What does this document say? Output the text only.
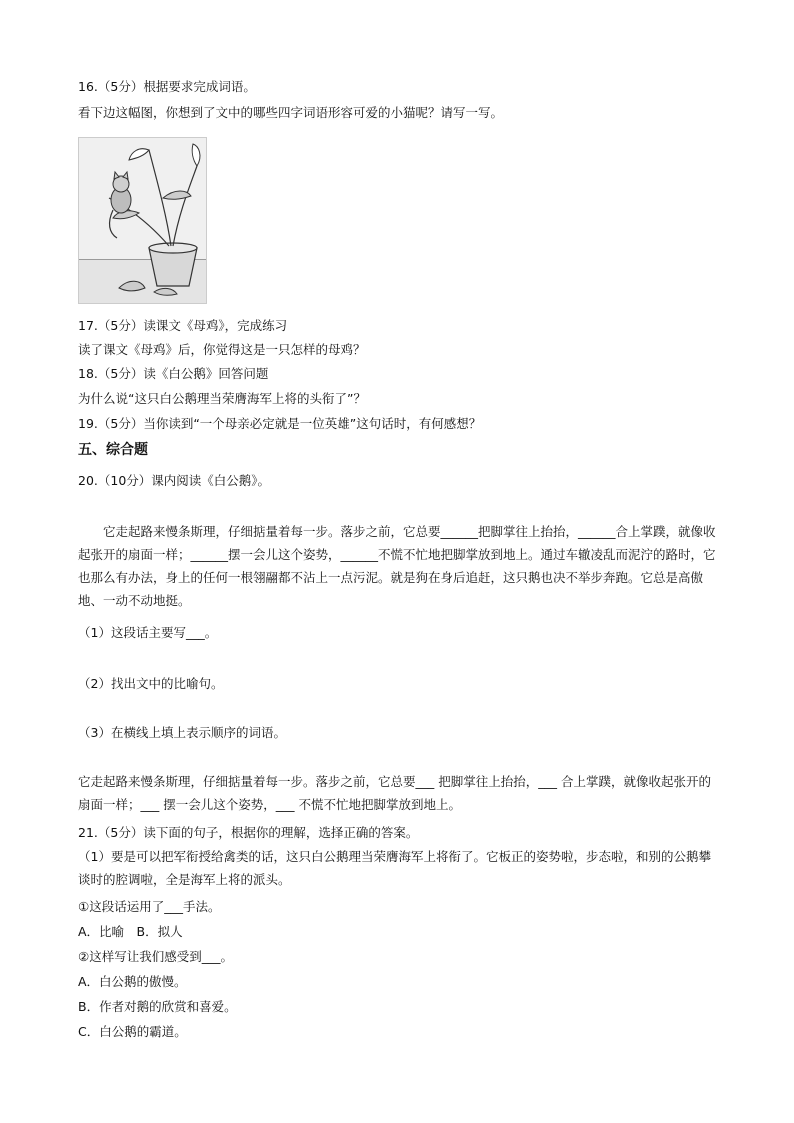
16.（5分）根据要求完成词语。
看下边这幅图，你想到了文中的哪些四字词语形容可爱的小猫呢？请写一写。
17.（5分）读课文《母鸡》，完成练习
读了课文《母鸡》后，你觉得这是一只怎样的母鸡？
18.（5分）读《白公鹅》回答问题
为什么说“这只白公鹅理当荣膺海军上将的头衔了”？
19.（5分）当你读到“一个母亲必定就是一位英雄”这句话时，有何感想？
五、综合题
20.（10分）课内阅读《白公鹅》。
它走起路来慢条斯理，仔细掂量着每一步。落步之前，它总要______把脚掌往上抬抬，______合上掌蹼，就像收起张开的扇面一样；______摆一会儿这个姿势，______不慌不忙地把脚掌放到地上。通过车辙凌乱而泥泞的路时，它也那么有办法，身上的任何一根翎翮都不沾上一点污泥。就是狗在身后追赶，这只鹅也决不举步奔跑。它总是高傲地、一动不动地挺。
（1）这段话主要写___。
（2）找出文中的比喻句。
（3）在横线上填上表示顺序的词语。
它走起路来慢条斯理，仔细掂量着每一步。落步之前，它总要___ 把脚掌往上抬抬，___ 合上掌蹼，就像收起张开的扇面一样；___ 摆一会儿这个姿势，___ 不慌不忙地把脚掌放到地上。
21.（5分）读下面的句子，根据你的理解，选择正确的答案。
（1）要是可以把军衔授给禽类的话，这只白公鹅理当荣膺海军上将衔了。它板正的姿势啦，步态啦，和别的公鹅攀谈时的腔调啦，全是海军上将的派头。
①这段话运用了___手法。
A．比喻　B．拟人
②这样写让我们感受到___。
A．白公鹅的傲慢。
B．作者对鹅的欣赏和喜爱。
C．白公鹅的霸道。
